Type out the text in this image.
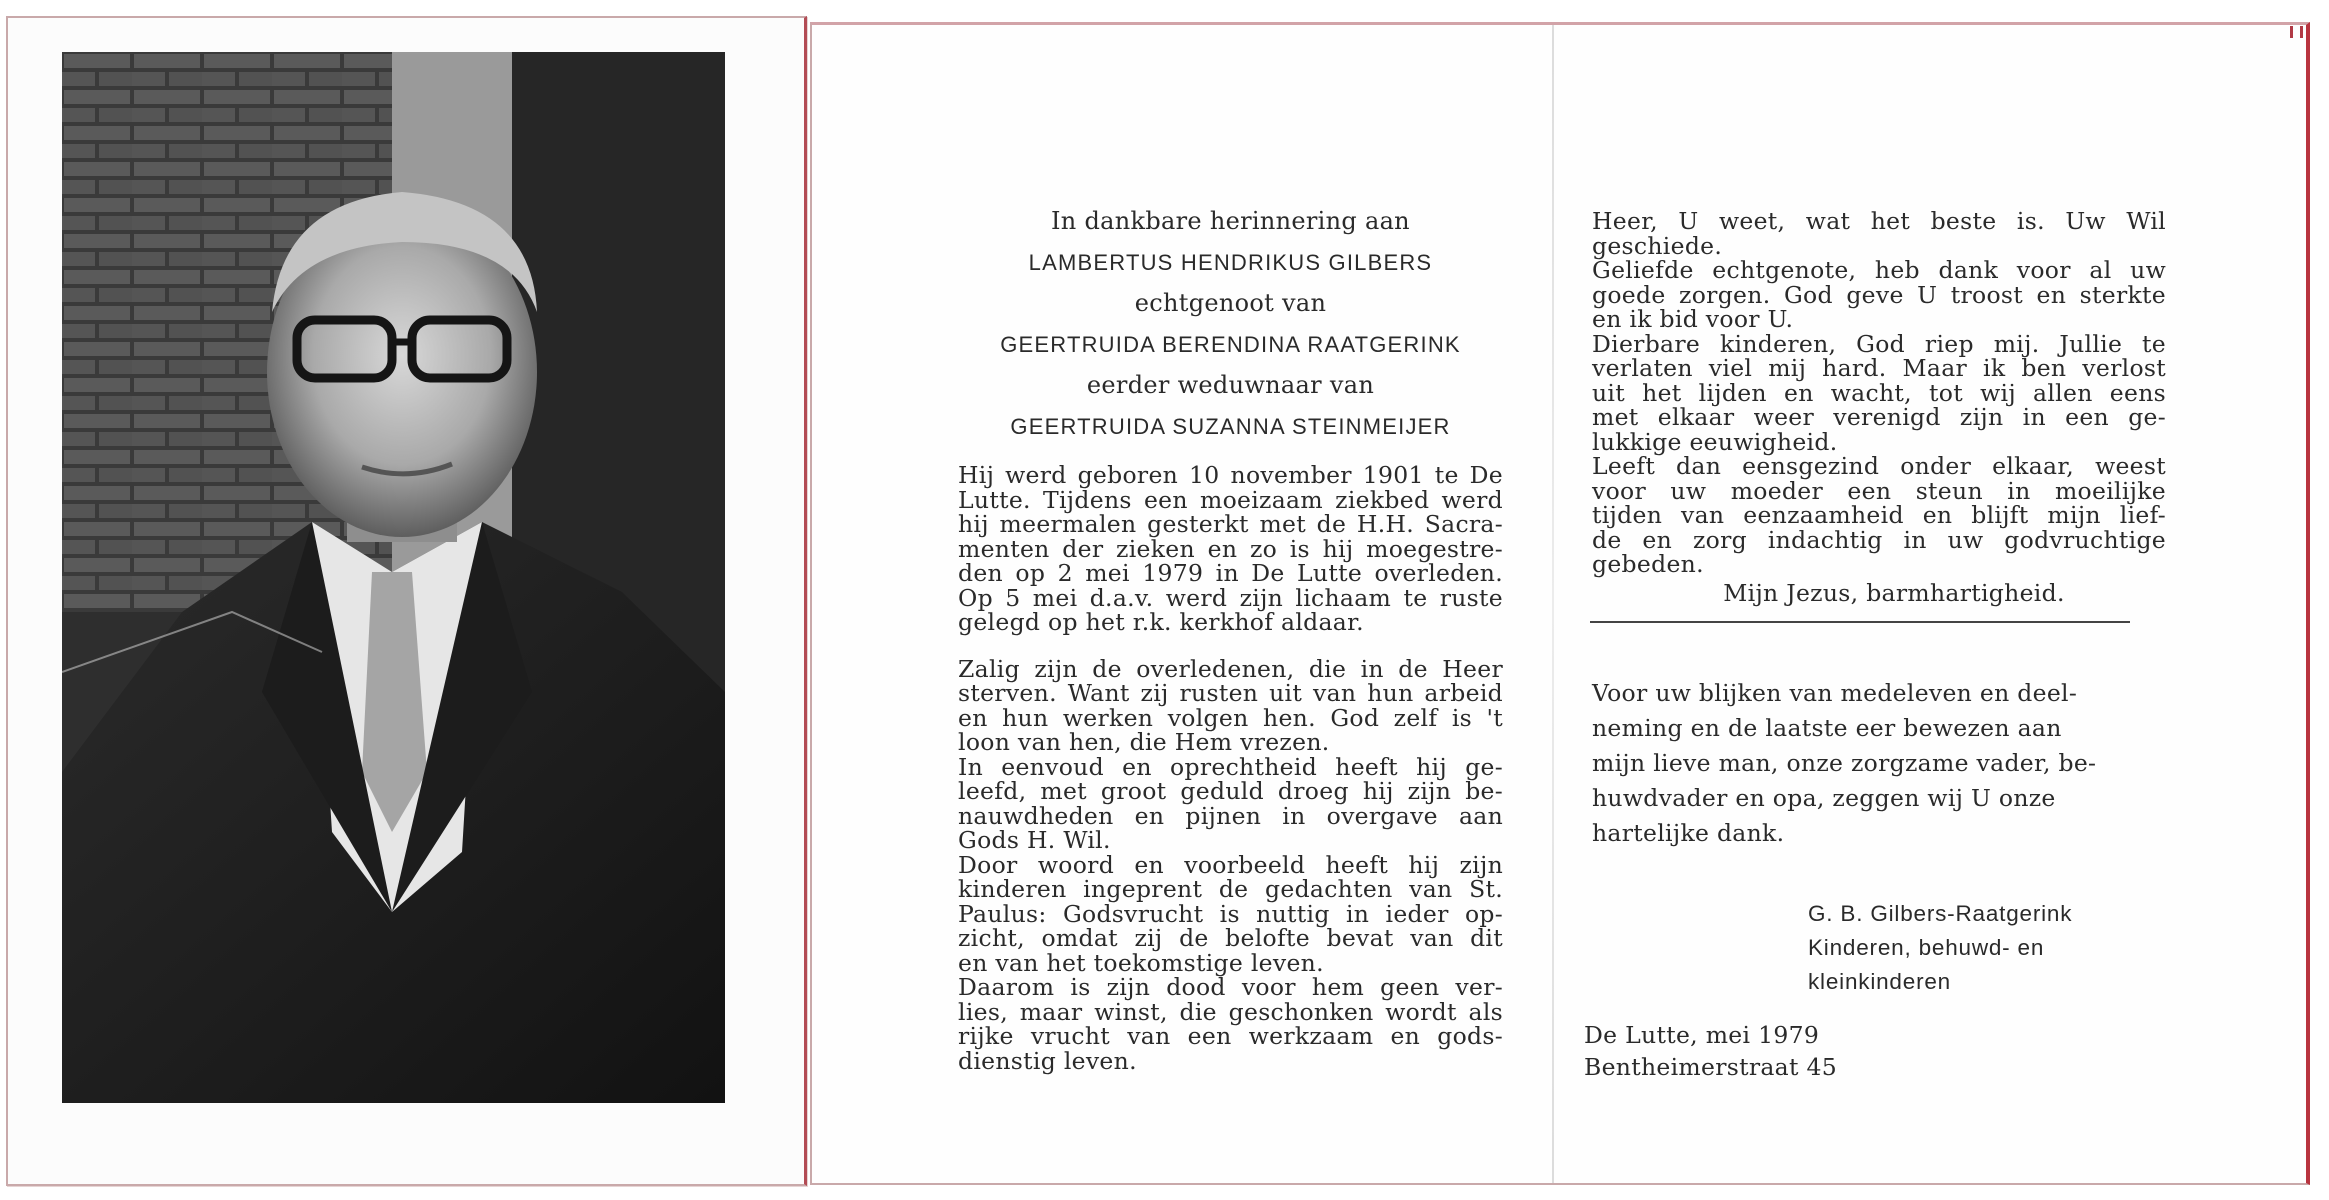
In dankbare herinnering aan
LAMBERTUS HENDRIKUS GILBERS
echtgenoot van
GEERTRUIDA BERENDINA RAATGERINK
eerder weduwnaar van
GEERTRUIDA SUZANNA STEINMEIJER
Hij werd geboren 10 november 1901 te De
Lutte. Tijdens een moeizaam ziekbed werd
hij meermalen gesterkt met de H.H. Sacra-
menten der zieken en zo is hij moegestre-
den op 2 mei 1979 in De Lutte overleden.
Op 5 mei d.a.v. werd zijn lichaam te ruste
gelegd op het r.k. kerkhof aldaar.
Zalig zijn de overledenen, die in de Heer
sterven. Want zij rusten uit van hun arbeid
en hun werken volgen hen. God zelf is 't
loon van hen, die Hem vrezen.
In eenvoud en oprechtheid heeft hij ge-
leefd, met groot geduld droeg hij zijn be-
nauwdheden en pijnen in overgave aan
Gods H. Wil.
Door woord en voorbeeld heeft hij zijn
kinderen ingeprent de gedachten van St.
Paulus: Godsvrucht is nuttig in ieder op-
zicht, omdat zij de belofte bevat van dit
en van het toekomstige leven.
Daarom is zijn dood voor hem geen ver-
lies, maar winst, die geschonken wordt als
rijke vrucht van een werkzaam en gods-
dienstig leven.
Heer, U weet, wat het beste is. Uw Wil
geschiede.
Geliefde echtgenote, heb dank voor al uw
goede zorgen. God geve U troost en sterkte
en ik bid voor U.
Dierbare kinderen, God riep mij. Jullie te
verlaten viel mij hard. Maar ik ben verlost
uit het lijden en wacht, tot wij allen eens
met elkaar weer verenigd zijn in een ge-
lukkige eeuwigheid.
Leeft dan eensgezind onder elkaar, weest
voor uw moeder een steun in moeilijke
tijden van eenzaamheid en blijft mijn lief-
de en zorg indachtig in uw godvruchtige
gebeden.
Mijn Jezus, barmhartigheid.
Voor uw blijken van medeleven en deel-
neming en de laatste eer bewezen aan
mijn lieve man, onze zorgzame vader, be-
huwdvader en opa, zeggen wij U onze
hartelijke dank.
G. B. Gilbers-Raatgerink
Kinderen, behuwd- en
kleinkinderen
De Lutte, mei 1979
Bentheimerstraat 45
